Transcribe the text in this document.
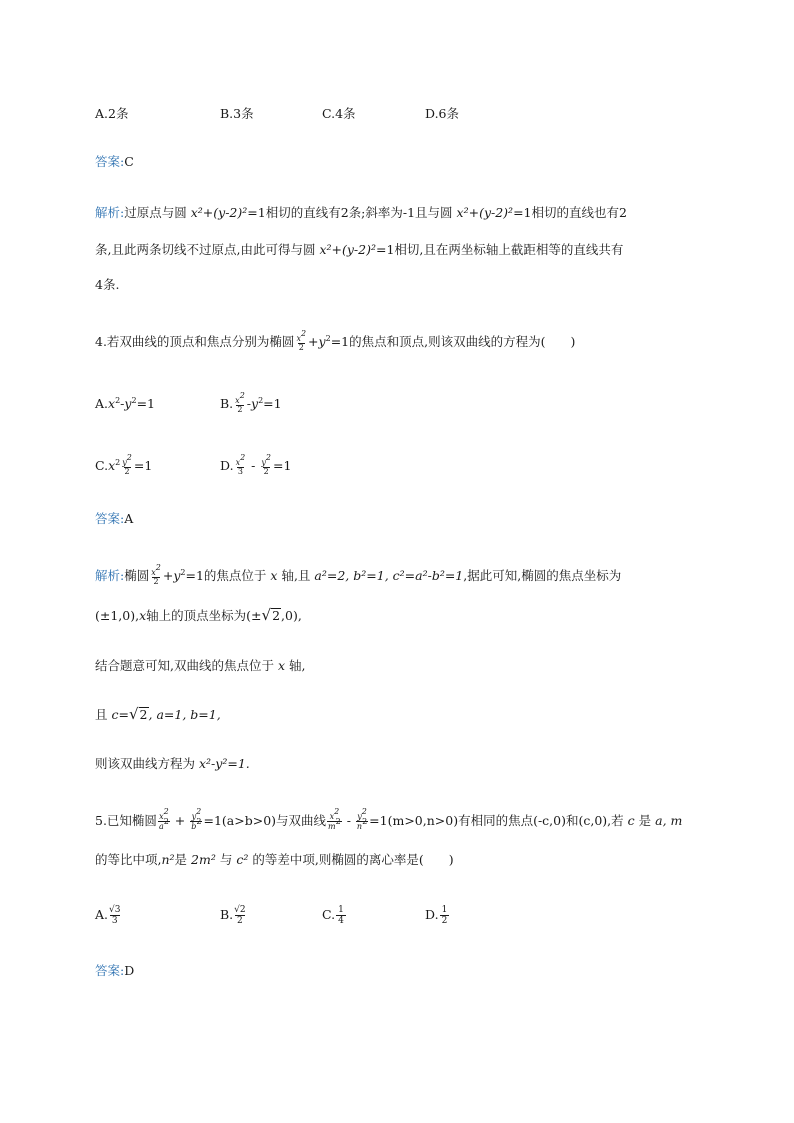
A.2条	B.3条	C.4条	D.6条
答案:C
解析:过原点与圆 x²+(y-2)²=1相切的直线有2条;斜率为-1且与圆 x²+(y-2)²=1相切的直线也有2
条,且此两条切线不过原点,由此可得与圆 x²+(y-2)²=1相切,且在两坐标轴上截距相等的直线共有
4条.
4.若双曲线的顶点和焦点分别为椭圆 $\frac{x^2}{2} +y^2=1$的焦点和顶点,则该双曲线的方程为(　　)
$A.x^2-y^2=1$	B. $\frac{x^2}{2} -y^2=1$
$C.x^2 \frac{y^2}{2} =1$	D. $\frac{x^2}{3} - \frac{y^2}{2} =1$
答案:A
解析:椭圆 $\frac{x^2}{2} +y^2=1$的焦点位于 x 轴,且 a²=2, b²=1, c²=a²-b²=1,据此可知,椭圆的焦点坐标为
(±1,0),x轴上的顶点坐标为(± √ 2 ,0),
结合题意可知,双曲线的焦点位于 x 轴,
且 c= √ 2 , a=1, b=1,
则该双曲线方程为 x²-y²=1.
5.已知椭圆 $\frac{x^2}{a^2} + \frac{y^2}{b^2} =1(a>b>0)$与双曲线 $\frac{x^2}{m^2} - \frac{y^2}{n^2} =1(m>0,n>0)$有相同的焦点(-c,0)和(c,0),若 c 是 a, m
的等比中项,n²是 2m² 与 c² 的等差中项,则椭圆的离心率是(　　)
A. $\frac{√3}{3}$	B. $\frac{√2}{2}$	C. $\frac{1}{4}$	D. $\frac{1}{2}$
答案:D
